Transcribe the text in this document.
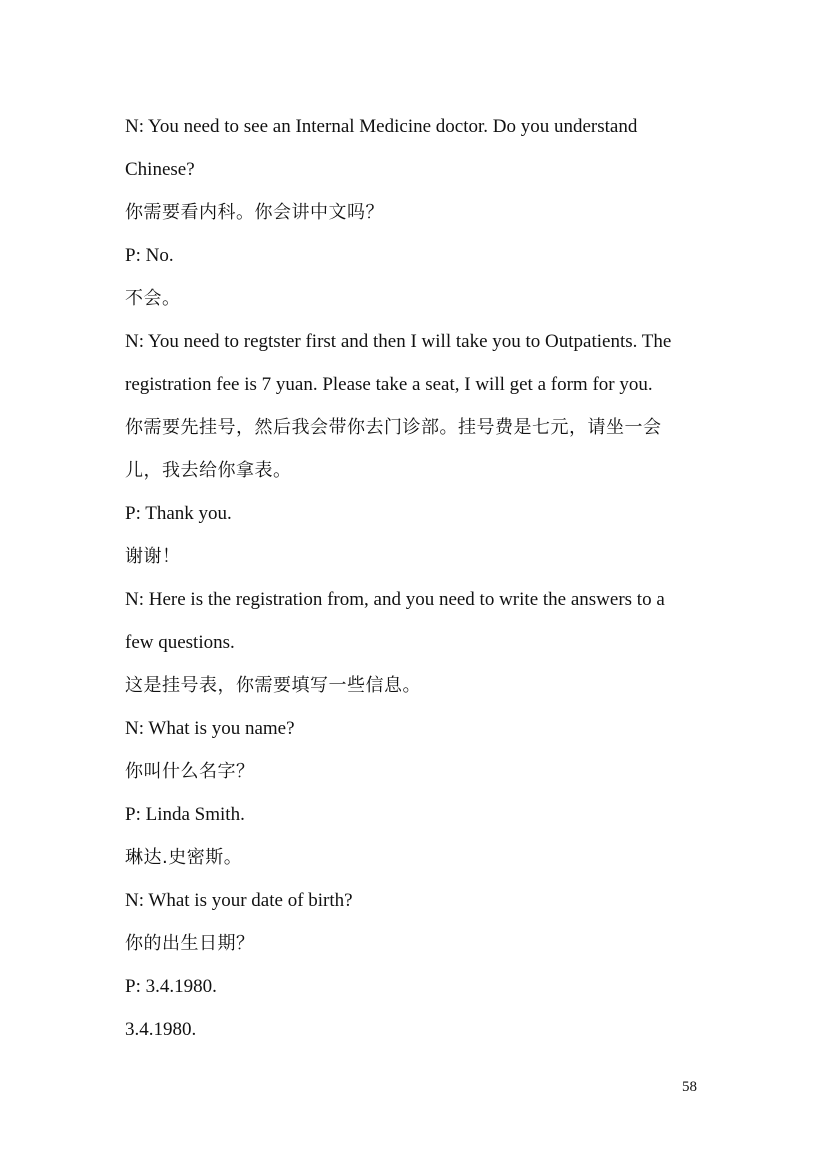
N: You need to see an Internal Medicine doctor. Do you understand

Chinese?

你需要看内科。你会讲中文吗？

P: No.

不会。

N: You need to regtster first and then I will take you to Outpatients. The

registration fee is 7 yuan. Please take a seat, I will get a form for you.

你需要先挂号，然后我会带你去门诊部。挂号费是七元，请坐一会

儿，我去给你拿表。

P: Thank you.

谢谢！

N: Here is the registration from, and you need to write the answers to a

few questions.

这是挂号表，你需要填写一些信息。

N: What is you name?

你叫什么名字？

P: Linda Smith.

琳达.史密斯。

N: What is your date of birth?

你的出生日期？

P: 3.4.1980.

3.4.1980.

58
